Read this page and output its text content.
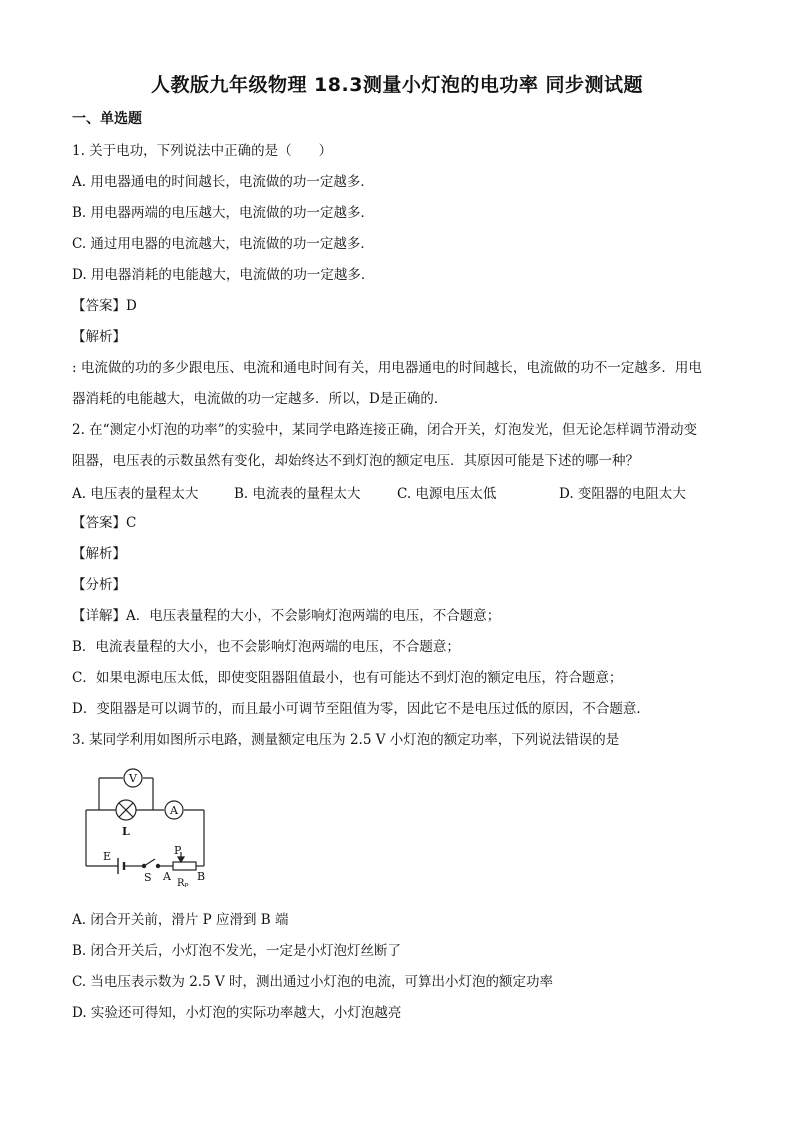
人教版九年级物理 18.3测量小灯泡的电功率 同步测试题
一、单选题
1. 关于电功，下列说法中正确的是（　　）
A. 用电器通电的时间越长，电流做的功一定越多．
B. 用电器两端的电压越大，电流做的功一定越多．
C. 通过用电器的电流越大，电流做的功一定越多．
D. 用电器消耗的电能越大，电流做的功一定越多．
【答案】D
【解析】
: 电流做的功的多少跟电压、电流和通电时间有关，用电器通电的时间越长，电流做的功不一定越多．用电
器消耗的电能越大，电流做的功一定越多．所以，D是正确的．
2. 在“测定小灯泡的功率”的实验中，某同学电路连接正确，闭合开关，灯泡发光，但无论怎样调节滑动变
阻器，电压表的示数虽然有变化，却始终达不到灯泡的额定电压．其原因可能是下述的哪一种？
A. 电压表的量程太大	B. 电流表的量程太大	C. 电源电压太低	D. 变阻器的电阻太大
【答案】C
【解析】
【分析】
【详解】A．电压表量程的大小，不会影响灯泡两端的电压，不合题意；
B．电流表量程的大小，也不会影响灯泡两端的电压，不合题意；
C．如果电源电压太低，即使变阻器阻值最小，也有可能达不到灯泡的额定电压，符合题意；
D．变阻器是可以调节的，而且最小可调节至阻值为零，因此它不是电压过低的原因，不合题意．
3. 某同学利用如图所示电路，测量额定电压为 2.5 V 小灯泡的额定功率，下列说法错误的是
V
A
L
E
S
P
A B
Rₚ
A. 闭合开关前，滑片 P 应滑到 B 端
B. 闭合开关后，小灯泡不发光，一定是小灯泡灯丝断了
C. 当电压表示数为 2.5 V 时，测出通过小灯泡的电流，可算出小灯泡的额定功率
D. 实验还可得知，小灯泡的实际功率越大，小灯泡越亮
